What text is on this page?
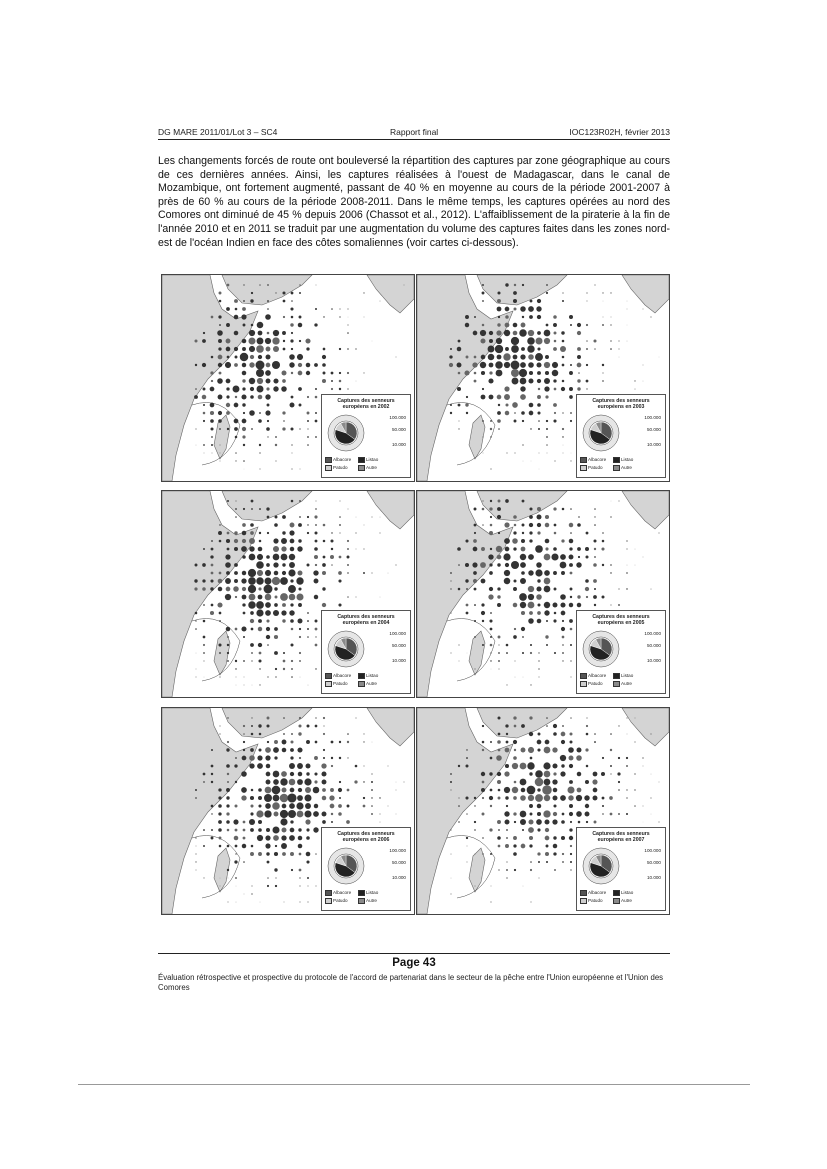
DG MARE 2011/01/Lot 3 – SC4	Rapport final	IOC123R02H, février 2013
Les changements forcés de route ont bouleversé la répartition des captures par zone géographique au cours de ces dernières années. Ainsi, les captures réalisées à l'ouest de Madagascar, dans le canal de Mozambique, ont fortement augmenté, passant de 40 % en moyenne au cours de la période 2001-2007 à près de 60 % au cours de la période 2008-2011. Dans le même temps, les captures opérées au nord des Comores ont diminué de 45 % depuis 2006 (Chassot et al., 2012). L'affaiblissement de la piraterie à la fin de l'année 2010 et en 2011 se traduit par une augmentation du volume des captures faites dans les zones nord-est de l'océan Indien en face des côtes somaliennes (voir cartes ci-dessous).
Captures des senneurs
européens en 2002
100.000
50.000
10.000
Albacore	Listao
Patudo	Autre
Captures des senneurs
européens en 2003
100.000
50.000
10.000
Albacore	Listao
Patudo	Autre
Captures des senneurs
européens en 2004
100.000
50.000
10.000
Albacore	Listao
Patudo	Autre
Captures des senneurs
européens en 2005
100.000
50.000
10.000
Albacore	Listao
Patudo	Autre
Captures des senneurs
européens en 2006
100.000
50.000
10.000
Albacore	Listao
Patudo	Autre
Captures des senneurs
européens en 2007
100.000
50.000
10.000
Albacore	Listao
Patudo	Autre
Page 43
Évaluation rétrospective et prospective du protocole de l'accord de partenariat dans le secteur de la pêche entre l'Union européenne et l'Union des Comores
